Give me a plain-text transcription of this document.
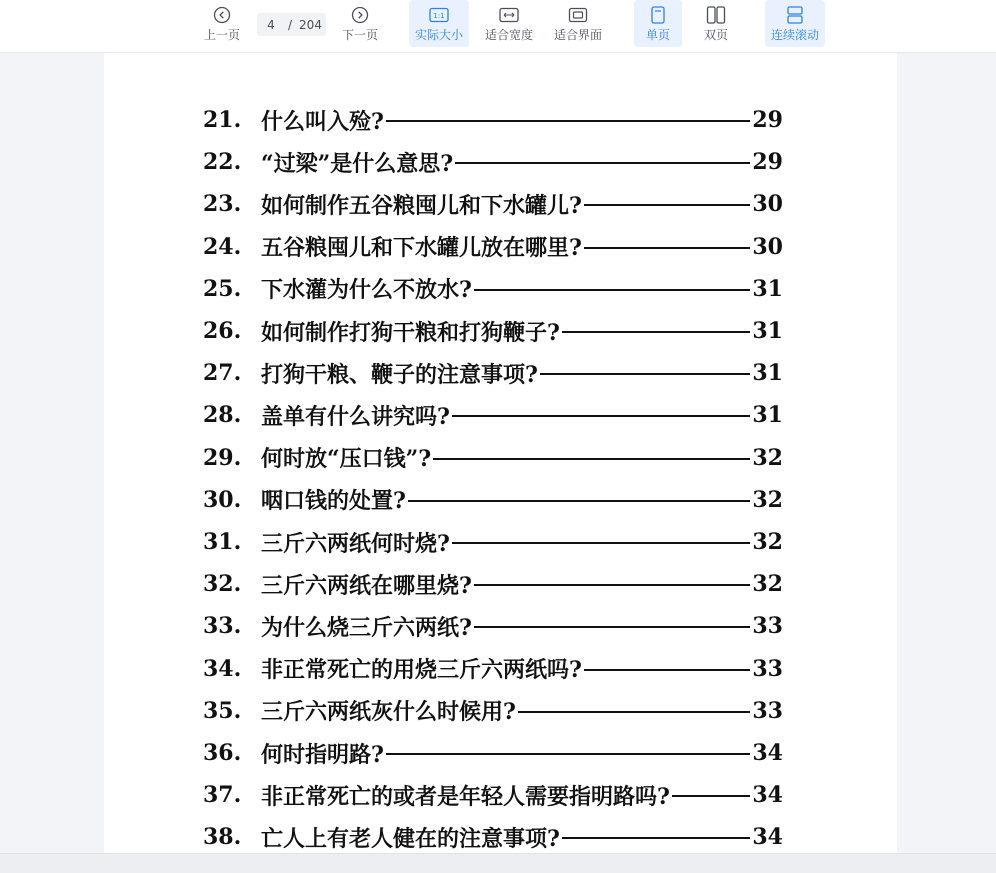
上一页
4	/ 204
下一页
1:1
实际大小 适合宽度 适合界面	单页	双页	连续滚动
21. 什么叫入殓?	29
22. “过梁”是什么意思?	29
23. 如何制作五谷粮囤儿和下水罐儿?	30
24. 五谷粮囤儿和下水罐儿放在哪里?	30
25. 下水灌为什么不放水?	31
26. 如何制作打狗干粮和打狗鞭子?	31
27. 打狗干粮、鞭子的注意事项?	31
28. 盖单有什么讲究吗?	31
29. 何时放“压口钱”?	32
30. 咽口钱的处置?	32
31. 三斤六两纸何时烧?	32
32. 三斤六两纸在哪里烧?	32
33. 为什么烧三斤六两纸?	33
34. 非正常死亡的用烧三斤六两纸吗?	33
35. 三斤六两纸灰什么时候用?	33
36. 何时指明路?	34
37. 非正常死亡的或者是年轻人需要指明路吗?	34
38. 亡人上有老人健在的注意事项?	34
